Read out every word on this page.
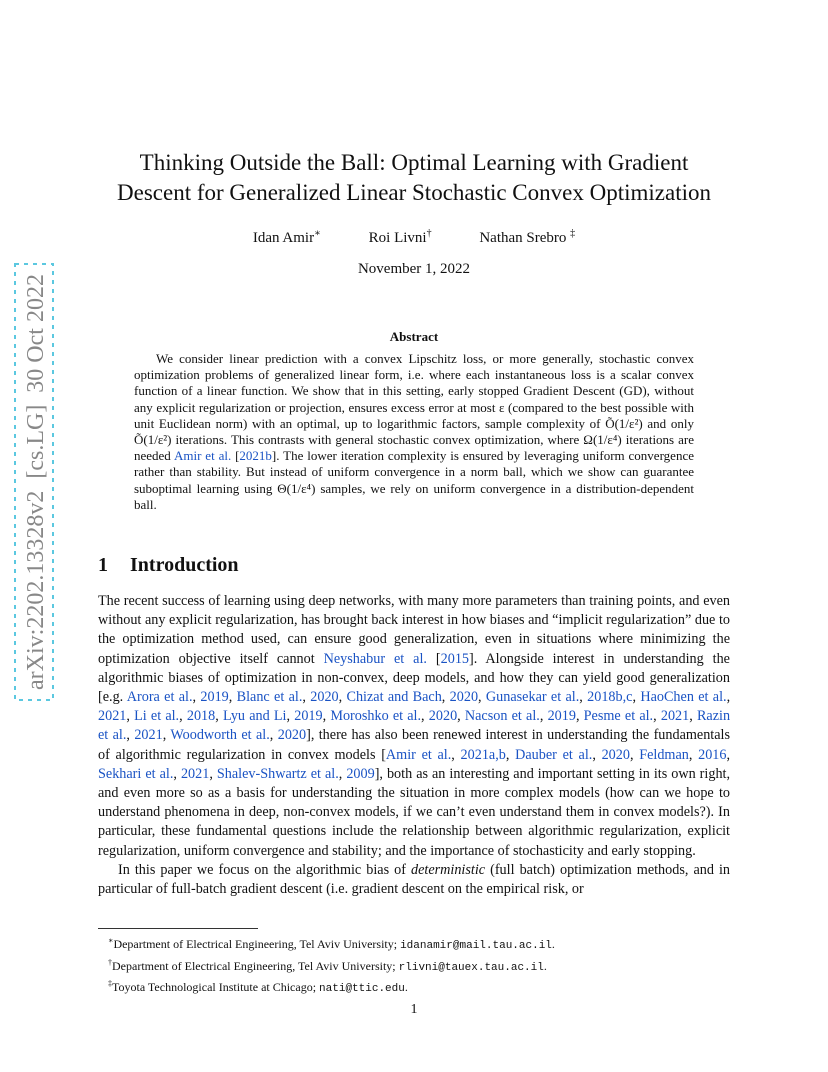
arXiv:2202.13328v2  [cs.LG]  30 Oct 2022
Thinking Outside the Ball: Optimal Learning with Gradient
Descent for Generalized Linear Stochastic Convex Optimization
Idan Amir∗	Roi Livni†	Nathan Srebro ‡
November 1, 2022
Abstract
We consider linear prediction with a convex Lipschitz loss, or more generally, stochastic convex optimization problems of generalized linear form, i.e. where each instantaneous loss is a scalar convex function of a linear function. We show that in this setting, early stopped Gradient Descent (GD), without any explicit regularization or projection, ensures excess error at most ε (compared to the best possible with unit Euclidean norm) with an optimal, up to logarithmic factors, sample complexity of Õ(1/ε²) and only Õ(1/ε²) iterations. This contrasts with general stochastic convex optimization, where Ω(1/ε⁴) iterations are needed Amir et al. [2021b]. The lower iteration complexity is ensured by leveraging uniform convergence rather than stability. But instead of uniform convergence in a norm ball, which we show can guarantee suboptimal learning using Θ(1/ε⁴) samples, we rely on uniform convergence in a distribution-dependent ball.
1 Introduction

The recent success of learning using deep networks, with many more parameters than training points, and even without any explicit regularization, has brought back interest in how biases and “implicit regularization” due to the optimization method used, can ensure good generalization, even in situations where minimizing the optimization objective itself cannot Neyshabur et al. [2015]. Alongside interest in understanding the algorithmic biases of optimization in non-convex, deep models, and how they can yield good generalization [e.g. Arora et al., 2019, Blanc et al., 2020, Chizat and Bach, 2020, Gunasekar et al., 2018b,c, HaoChen et al., 2021, Li et al., 2018, Lyu and Li, 2019, Moroshko et al., 2020, Nacson et al., 2019, Pesme et al., 2021, Razin et al., 2021, Woodworth et al., 2020], there has also been renewed interest in understanding the fundamentals of algorithmic regularization in convex models [Amir et al., 2021a,b, Dauber et al., 2020, Feldman, 2016, Sekhari et al., 2021, Shalev-Shwartz et al., 2009], both as an interesting and important setting in its own right, and even more so as a basis for understanding the situation in more complex models (how can we hope to understand phenomena in deep, non-convex models, if we can’t even understand them in convex models?). In particular, these fundamental questions include the relationship between algorithmic regularization, explicit regularization, uniform convergence and stability; and the importance of stochasticity and early stopping.

In this paper we focus on the algorithmic bias of deterministic (full batch) optimization methods, and in particular of full-batch gradient descent (i.e. gradient descent on the empirical risk, or

∗Department of Electrical Engineering, Tel Aviv University; idanamir@mail.tau.ac.il.
†Department of Electrical Engineering, Tel Aviv University; rlivni@tauex.tau.ac.il.
‡Toyota Technological Institute at Chicago; nati@ttic.edu.
1
